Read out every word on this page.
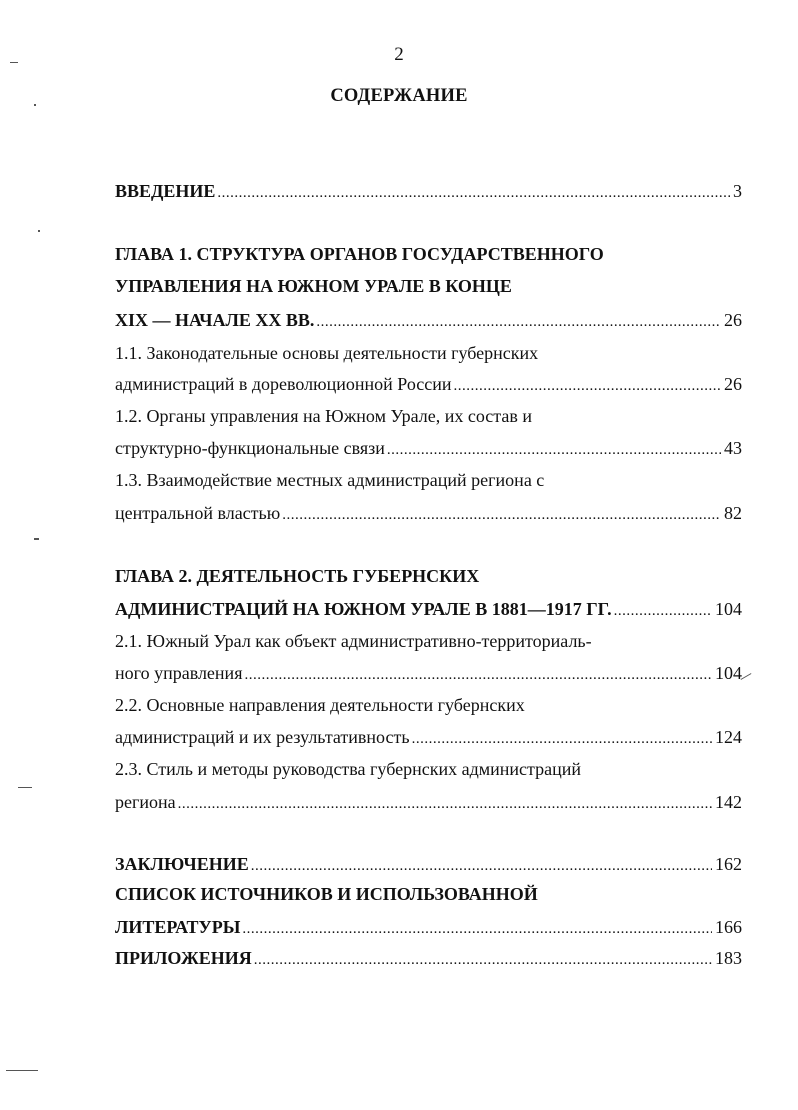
2
СОДЕРЖАНИЕ
ВВЕДЕНИЕ .....	3
ГЛАВА 1. СТРУКТУРА ОРГАНОВ ГОСУДАРСТВЕННОГО
УПРАВЛЕНИЯ НА ЮЖНОМ УРАЛЕ В КОНЦЕ
XIX — НАЧАЛЕ XX ВВ. .....	26
1.1. Законодательные основы деятельности губернских
администраций в дореволюционной России .....	26
1.2. Органы управления на Южном Урале, их состав и
структурно-функциональные связи .....	43
1.3. Взаимодействие местных администраций региона с
центральной властью .....	82
ГЛАВА 2. ДЕЯТЕЛЬНОСТЬ ГУБЕРНСКИХ
АДМИНИСТРАЦИЙ НА ЮЖНОМ УРАЛЕ В 1881—1917 ГГ. .....	104
2.1. Южный Урал как объект административно-территориаль-
ного управления .....	104
2.2. Основные направления деятельности губернских
администраций и их результативность .....	124
2.3. Стиль и методы руководства губернских администраций
региона .....	142
ЗАКЛЮЧЕНИЕ .....	162
СПИСОК ИСТОЧНИКОВ И ИСПОЛЬЗОВАННОЙ
ЛИТЕРАТУРЫ .....	166
ПРИЛОЖЕНИЯ .....	183
